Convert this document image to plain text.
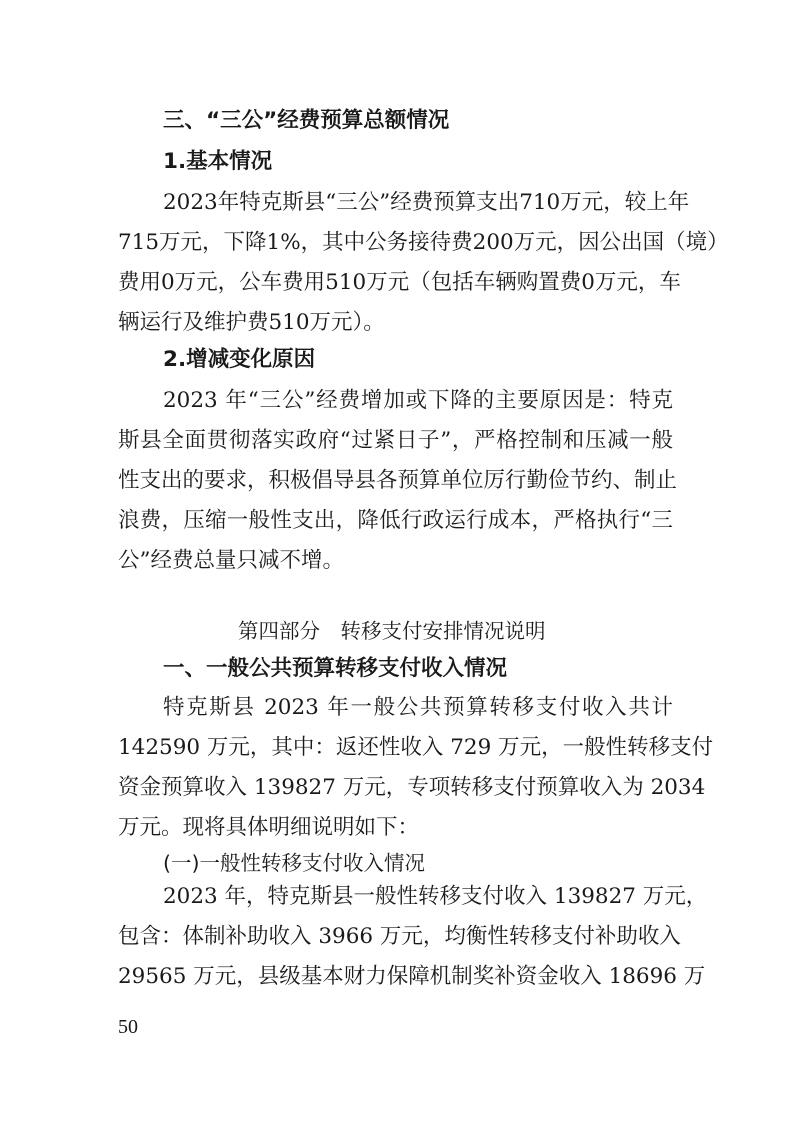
三、“三公”经费预算总额情况
1.基本情况
2023年特克斯县“三公”经费预算支出710万元，较上年
715万元，下降1%，其中公务接待费200万元，因公出国（境）
费用0万元，公车费用510万元（包括车辆购置费0万元，车
辆运行及维护费510万元）。
2.增减变化原因
2023 年“三公”经费增加或下降的主要原因是：特克
斯县全面贯彻落实政府“过紧日子”，严格控制和压减一般
性支出的要求，积极倡导县各预算单位厉行勤俭节约、制止
浪费，压缩一般性支出，降低行政运行成本，严格执行“三
公”经费总量只减不增。
第四部分　转移支付安排情况说明
一、一般公共预算转移支付收入情况
特克斯县 2023 年一般公共预算转移支付收入共计
142590 万元，其中：返还性收入 729 万元，一般性转移支付
资金预算收入 139827 万元，专项转移支付预算收入为 2034
万元。现将具体明细说明如下：
(一)一般性转移支付收入情况
2023 年，特克斯县一般性转移支付收入 139827 万元，
包含：体制补助收入 3966 万元，均衡性转移支付补助收入
29565 万元，县级基本财力保障机制奖补资金收入 18696 万
50
